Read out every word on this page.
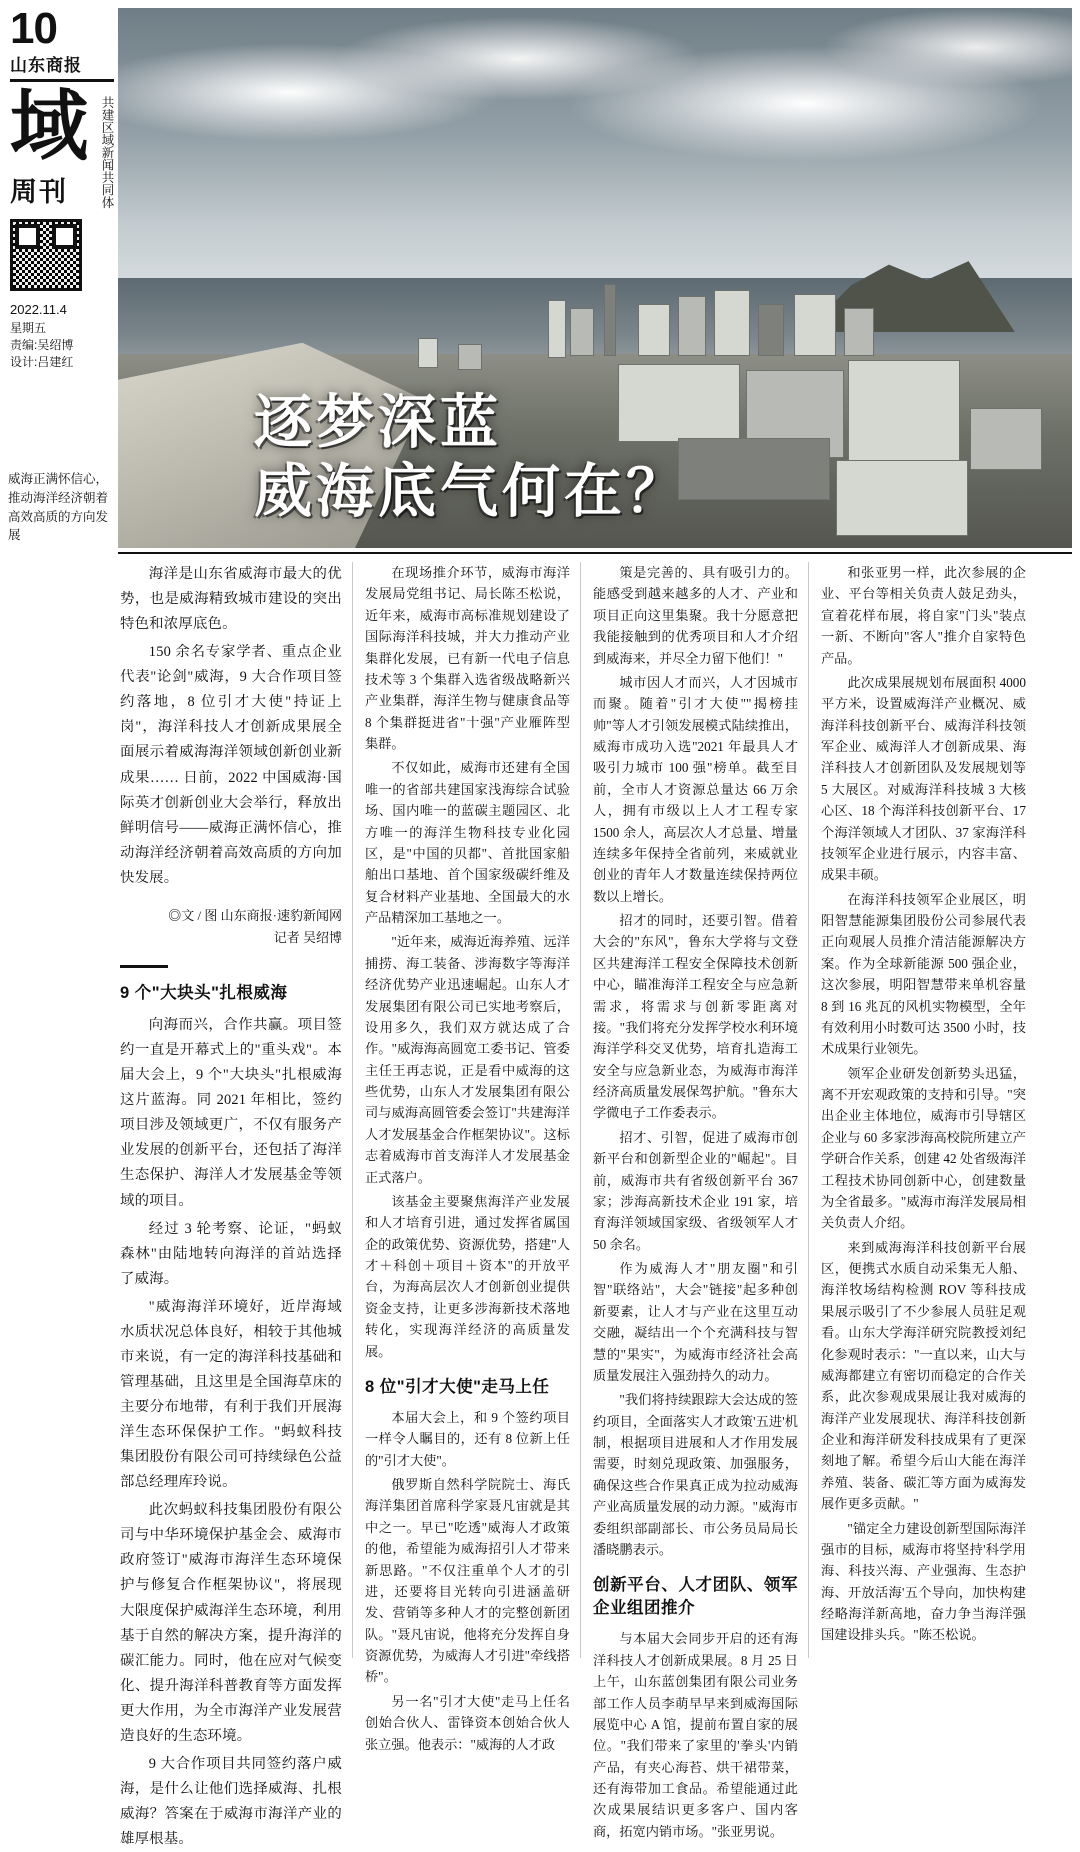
10
山东商报
域 共建区域新闻共同体
周刊
2022.11.4
星期五
责编:吴绍博
设计:吕建红
威海正满怀信心，推动海洋经济朝着高效高质的方向发展
逐梦深蓝
威海底气何在？

海洋是山东省威海市最大的优势，也是威海精致城市建设的突出特色和浓厚底色。

150 余名专家学者、重点企业代表"论剑"威海，9 大合作项目签约落地，8 位引才大使"持证上岗"，海洋科技人才创新成果展全面展示着威海海洋领域创新创业新成果…… 日前，2022 中国威海·国际英才创新创业大会举行，释放出鲜明信号——威海正满怀信心，推动海洋经济朝着高效高质的方向加快发展。

◎文 / 图 山东商报·速豹新闻网
记者 吴绍博
9 个"大块头"扎根威海

向海而兴，合作共赢。项目签约一直是开幕式上的"重头戏"。本届大会上，9 个"大块头"扎根威海这片蓝海。同 2021 年相比，签约项目涉及领域更广，不仅有服务产业发展的创新平台，还包括了海洋生态保护、海洋人才发展基金等领域的项目。

经过 3 轮考察、论证，"蚂蚁森林"由陆地转向海洋的首站选择了威海。

"威海海洋环境好，近岸海域水质状况总体良好，相较于其他城市来说，有一定的海洋科技基础和管理基础，且这里是全国海草床的主要分布地带，有利于我们开展海洋生态环保保护工作。"蚂蚁科技集团股份有限公司可持续绿色公益部总经理库玲说。

此次蚂蚁科技集团股份有限公司与中华环境保护基金会、威海市政府签订"威海市海洋生态环境保护与修复合作框架协议"，将展现大限度保护威海洋生态环境，利用基于自然的解决方案，提升海洋的碳汇能力。同时，他在应对气候变化、提升海洋科普教育等方面发挥更大作用，为全市海洋产业发展营造良好的生态环境。

9 大合作项目共同签约落户威海，是什么让他们选择威海、扎根威海？答案在于威海市海洋产业的雄厚根基。

在现场推介环节，威海市海洋发展局党组书记、局长陈丕松说，近年来，威海市高标准规划建设了国际海洋科技城，并大力推动产业集群化发展，已有新一代电子信息技术等 3 个集群入选省级战略新兴产业集群，海洋生物与健康食品等 8 个集群挺进省"十强"产业雁阵型集群。

不仅如此，威海市还建有全国唯一的省部共建国家浅海综合试验场、国内唯一的蓝碳主题园区、北方唯一的海洋生物科技专业化园区，是"中国的贝都"、首批国家船舶出口基地、首个国家级碳纤维及复合材料产业基地、全国最大的水产品精深加工基地之一。

"近年来，威海近海养殖、远洋捕捞、海工装备、涉海数字等海洋经济优势产业迅速崛起。山东人才发展集团有限公司已实地考察后，设用多久，我们双方就达成了合作。"威海海高圆宽工委书记、管委主任王再志说，正是看中威海的这些优势，山东人才发展集团有限公司与威海高圆管委会签订"共建海洋人才发展基金合作框架协议"。这标志着威海市首支海洋人才发展基金正式落户。

该基金主要聚焦海洋产业发展和人才培育引进，通过发挥省属国企的政策优势、资源优势，搭建"人才＋科创＋项目＋资本"的开放平台，为海高层次人才创新创业提供资金支持，让更多涉海新技术落地转化，实现海洋经济的高质量发展。

8 位"引才大使"走马上任

本届大会上，和 9 个签约项目一样令人瞩目的，还有 8 位新上任的"引才大使"。

俄罗斯自然科学院院士、海氏海洋集团首席科学家聂凡宙就是其中之一。早已"吃透"威海人才政策的他，希望能为威海招引人才带来新思路。"不仅注重单个人才的引进，还要将目光转向引进涵盖研发、营销等多种人才的完整创新团队。"聂凡宙说，他将充分发挥自身资源优势，为威海人才引进"牵线搭桥"。

另一名"引才大使"走马上任名创始合伙人、雷锋资本创始合伙人张立强。他表示："威海的人才政

策是完善的、具有吸引力的。能感受到越来越多的人才、产业和项目正向这里集聚。我十分愿意把我能接触到的优秀项目和人才介绍到威海来，并尽全力留下他们！"

城市因人才而兴，人才因城市而聚。随着"引才大使""揭榜挂帅"等人才引领发展模式陆续推出，威海市成功入选"2021 年最具人才吸引力城市 100 强"榜单。截至目前，全市人才资源总量达 66 万余人，拥有市级以上人才工程专家 1500 余人，高层次人才总量、增量连续多年保持全省前列，来威就业创业的青年人才数量连续保持两位数以上增长。

招才的同时，还要引智。借着大会的"东风"，鲁东大学将与文登区共建海洋工程安全保障技术创新中心，瞄准海洋工程安全与应急新需求，将需求与创新零距离对接。"我们将充分发挥学校水利环境海洋学科交叉优势，培育扎造海工安全与应急新业态，为威海市海洋经济高质量发展保驾护航。"鲁东大学微电子工作委表示。

招才、引智，促进了威海市创新平台和创新型企业的"崛起"。目前，威海市共有省级创新平台 367 家；涉海高新技术企业 191 家，培育海洋领域国家级、省级领军人才 50 余名。

作为威海人才"朋友圈"和引智"联络站"，大会"链接"起多种创新要素，让人才与产业在这里互动交融，凝结出一个个充满科技与智慧的"果实"，为威海市经济社会高质量发展注入强劲持久的动力。

"我们将持续跟踪大会达成的签约项目，全面落实人才政策'五进'机制，根据项目进展和人才作用发展需要，时刻兑现政策、加强服务，确保这些合作果真正成为拉动威海产业高质量发展的动力源。"威海市委组织部副部长、市公务员局局长潘晓鹏表示。

创新平台、人才团队、领军企业组团推介

与本届大会同步开启的还有海洋科技人才创新成果展。8 月 25 日上午，山东蓝创集团有限公司业务部工作人员李萌早早来到威海国际展览中心 A 馆，提前布置自家的展位。"我们带来了家里的'拳头'内销产品，有夹心海苔、烘干裙带菜，还有海带加工食品。希望能通过此次成果展结识更多客户、国内客商，拓宽内销市场。"张亚男说。

和张亚男一样，此次参展的企业、平台等相关负责人鼓足劲头，宣着花样布展，将自家"门头"装点一新、不断向"客人"推介自家特色产品。

此次成果展规划布展面积 4000 平方米，设置威海洋产业概况、威海洋科技创新平台、威海洋科技领军企业、威海洋人才创新成果、海洋科技人才创新团队及发展规划等 5 大展区。对威海洋科技城 3 大核心区、18 个海洋科技创新平台、17 个海洋领域人才团队、37 家海洋科技领军企业进行展示，内容丰富、成果丰硕。

在海洋科技领军企业展区，明阳智慧能源集团股份公司参展代表正向观展人员推介清洁能源解决方案。作为全球新能源 500 强企业，这次参展，明阳智慧带来单机容量 8 到 16 兆瓦的风机实物模型，全年有效利用小时数可达 3500 小时，技术成果行业领先。

领军企业研发创新势头迅猛，离不开宏观政策的支持和引导。"突出企业主体地位，威海市引导辖区企业与 60 多家涉海高校院所建立产学研合作关系，创建 42 处省级海洋工程技术协同创新中心，创建数量为全省最多。"威海市海洋发展局相关负责人介绍。

来到威海海洋科技创新平台展区，便携式水质自动采集无人船、海洋牧场结构检测 ROV 等科技成果展示吸引了不少参展人员驻足观看。山东大学海洋研究院教授刘纪化参观时表示："一直以来，山大与威海都建立有密切而稳定的合作关系，此次参观成果展让我对威海的海洋产业发展现状、海洋科技创新企业和海洋研发科技成果有了更深刻地了解。希望今后山大能在海洋养殖、装备、碳汇等方面为威海发展作更多贡献。"

"锚定全力建设创新型国际海洋强市的目标，威海市将坚持'科学用海、科技兴海、产业强海、生态护海、开放活海'五个导向，加快构建经略海洋新高地，奋力争当海洋强国建设排头兵。"陈丕松说。
